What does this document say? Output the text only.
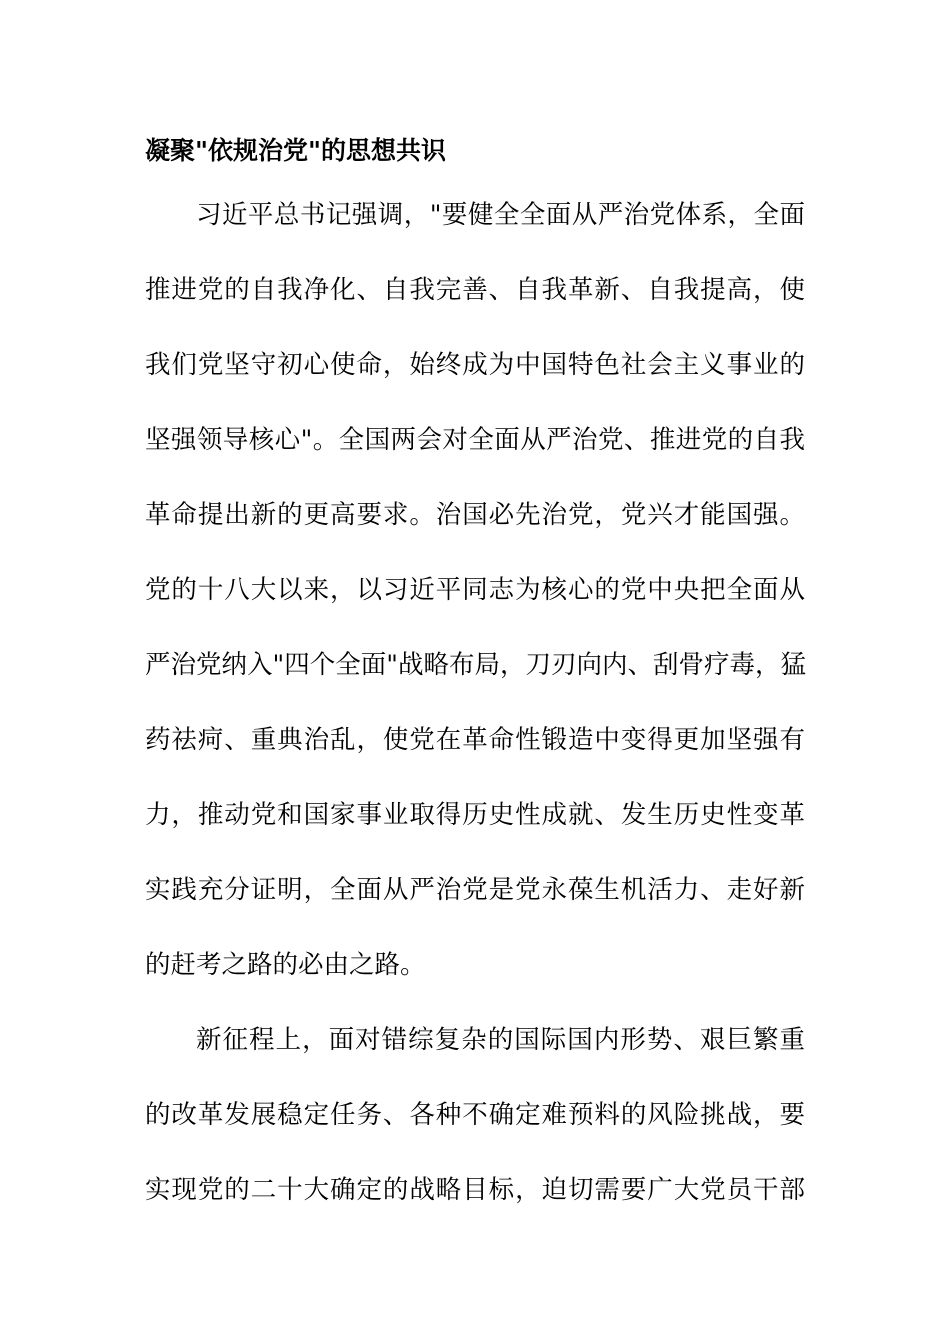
凝聚"依规治党"的思想共识
习近平总书记强调，"要健全全面从严治党体系，全面
推进党的自我净化、自我完善、自我革新、自我提高，使
我们党坚守初心使命，始终成为中国特色社会主义事业的
坚强领导核心"。全国两会对全面从严治党、推进党的自我
革命提出新的更高要求。治国必先治党，党兴才能国强。
党的十八大以来，以习近平同志为核心的党中央把全面从
严治党纳入"四个全面"战略布局，刀刃向内、刮骨疗毒，猛
药祛疴、重典治乱，使党在革命性锻造中变得更加坚强有
力，推动党和国家事业取得历史性成就、发生历史性变革
实践充分证明，全面从严治党是党永葆生机活力、走好新
的赶考之路的必由之路。
新征程上，面对错综复杂的国际国内形势、艰巨繁重
的改革发展稳定任务、各种不确定难预料的风险挑战，要
实现党的二十大确定的战略目标，迫切需要广大党员干部
